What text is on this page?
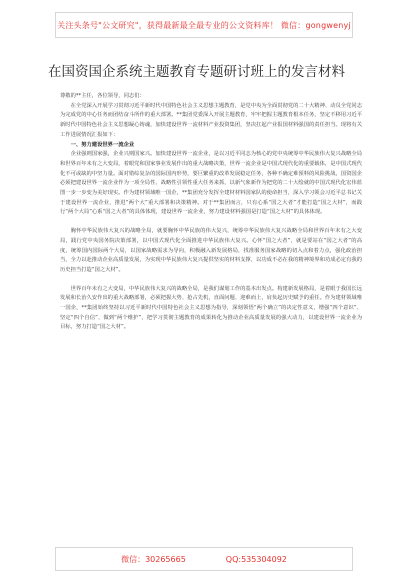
关注头条号"公文研究"，获得最新最全最专业的公文资料库！ 微信：gongwenyj
在国资国企系统主题教育专题研讨班上的发言材料

尊敬的**主任，各位领导，同志们：

在全党深入开展学习贯彻习近平新时代中国特色社会主义思想主题教育，是党中央为全面贯彻党的二十大精神、动员全党同志为完成党的中心任务而团结奋斗所作的重大部署。**集团党委深入开展主题教育，牢牢把握主题教育根本任务，坚定不移用习近平新时代中国特色社会主义思想凝心铸魂，加快建设世界一流材料产业投资集团，坚决扛起产业报国材料强国的责任担当。现将有关工作进展情况汇报如下：

一、努力建设世界一流企业

企业强则国家强，企业兴则国家兴。加快建设世界一流企业，是以习近平同志为核心的党中央统筹中华民族伟大复兴战略全局和世界百年未有之大变局，着眼党和国家事业发展作出的重大战略决策，世界一流企业是中国式现代化的重要载体，是中国式现代化不可或缺的中坚力量。面对错综复杂的国际国内形势，要巨繁重的改革发展稳定任务，各种不确定难预料的风险挑战，国资国企必须把建设世界一流企业作为一项全局性、战略性引领性重大任务来抓，以新气象新作为把党的二十大绘就的中国式现代化宏伟蓝图一步一步变为美好现实。作为建材领域唯一国企，**集团充分发挥全建材材料国家队的使命担当，深入学习领会习近平总书记关于建设世界一流企业，推进“两个大”重大部署和决策精神。对于**集团而言，只有心系“国之大者”才能打造“国之大材”，而践行“两个大局”心系“国之大者”的具体体现，建设世界一流企业，努力建设材料强国是打造“国之大材”的具体体现。

胸怀中华民族伟大复兴的战略全局，就要胸怀中华民族的伟大复兴，统筹中华民族伟大复兴战略全局和世界百年未有之大变局，践行党中央国务院决策部署，以中国式现代化全面推进中华民族伟大复兴。心怀“国之大者”，就是要站在“国之大者”的高度，统筹国内国际两个大局，以国家战略需求为导向，积极融入新发展格局，找准服务国家战略的切入点和着力点，强化政治担当，全力以赴推动企业高质量发展，为实现中华民族伟大复兴提供坚实的材料支撑，以功成不必在我的精神境界和功成必定有我的历史担当打造“国之大材”。

世界百年未有之大变局，中华民族伟大复兴的战略全局，是我们谋划工作的基本出发点。构建新发展格局，是着眼于我国长远发展和长治久安作出的重大战略部署，必须把握大势、抢占先机，直面问题、迎难而上，肩负起历史赋予的重任。作为建材领域唯一国企，**集团始终坚持以习近平新时代中国特色社会主义思想为指导，深刻领悟“两个确立”的决定性意义，增强“四个意识”、坚定“四个自信”、做到“两个维护”，把学习贯彻主题教育的成果转化为推动企业高质量发展的强大动力，以建设世界一流企业为目标，努力打造“国之大材”。

微信：30265665	QQ:535304092
